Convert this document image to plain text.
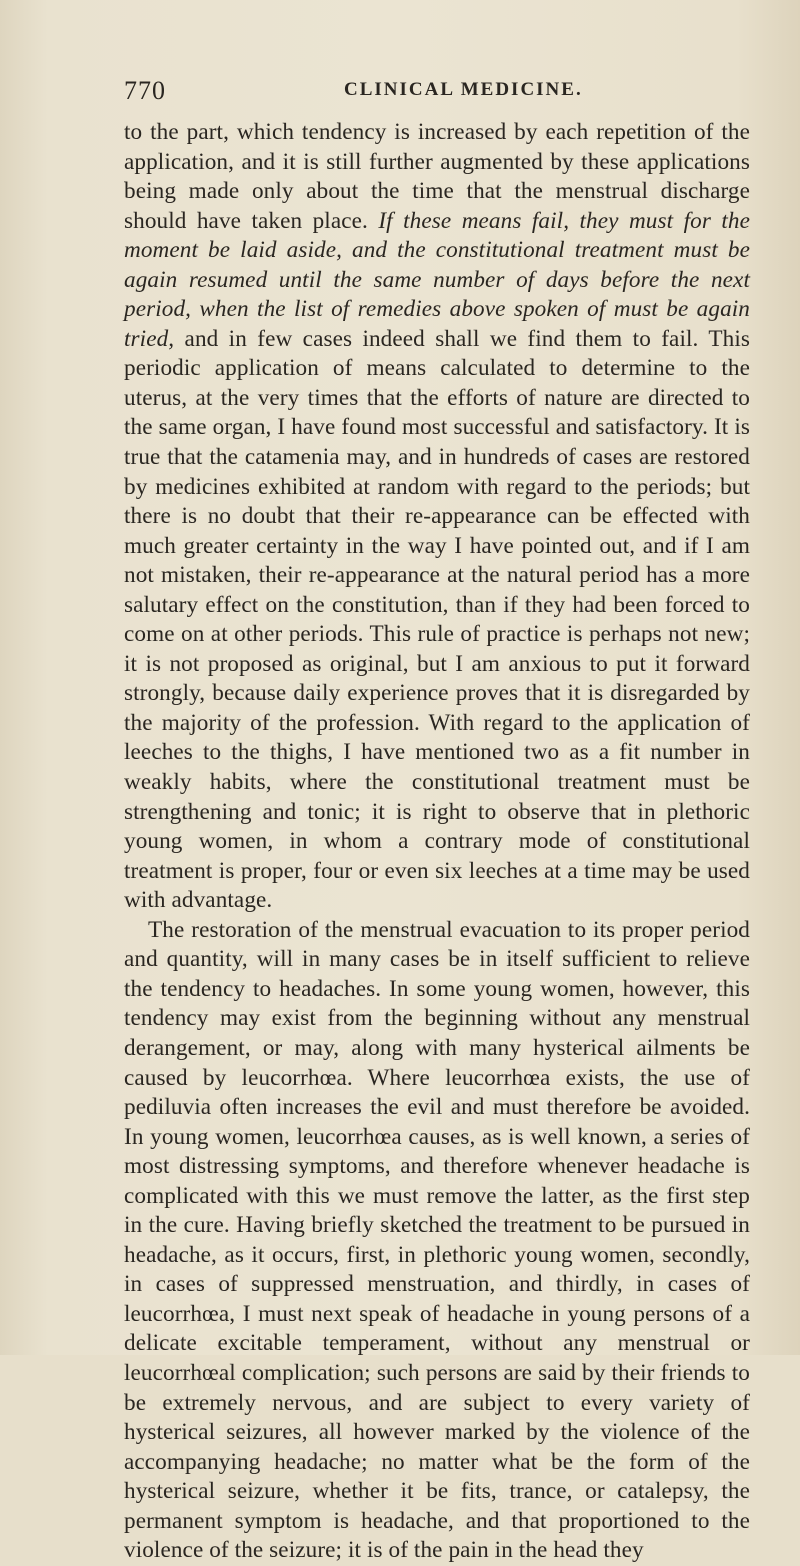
770	CLINICAL MEDICINE.

to the part, which tendency is increased by each repetition of the application, and it is still further augmented by these applications being made only about the time that the menstrual discharge should have taken place. If these means fail, they must for the moment be laid aside, and the constitutional treatment must be again resumed until the same number of days before the next period, when the list of remedies above spoken of must be again tried, and in few cases indeed shall we find them to fail. This periodic application of means calculated to determine to the uterus, at the very times that the efforts of nature are directed to the same organ, I have found most successful and satisfactory. It is true that the catamenia may, and in hundreds of cases are restored by medicines exhibited at random with regard to the periods; but there is no doubt that their re-appearance can be effected with much greater certainty in the way I have pointed out, and if I am not mistaken, their re-appearance at the natural period has a more salutary effect on the constitution, than if they had been forced to come on at other periods. This rule of practice is perhaps not new; it is not proposed as original, but I am anxious to put it forward strongly, because daily experience proves that it is disregarded by the majority of the profession. With regard to the application of leeches to the thighs, I have mentioned two as a fit number in weakly habits, where the constitutional treatment must be strengthening and tonic; it is right to observe that in plethoric young women, in whom a contrary mode of constitutional treatment is proper, four or even six leeches at a time may be used with advantage.

The restoration of the menstrual evacuation to its proper period and quantity, will in many cases be in itself sufficient to relieve the tendency to headaches. In some young women, however, this tendency may exist from the beginning without any menstrual derangement, or may, along with many hysterical ailments be caused by leucorrhœa. Where leucorrhœa exists, the use of pediluvia often increases the evil and must therefore be avoided. In young women, leucorrhœa causes, as is well known, a series of most distressing symptoms, and therefore whenever headache is complicated with this we must remove the latter, as the first step in the cure. Having briefly sketched the treatment to be pursued in headache, as it occurs, first, in plethoric young women, secondly, in cases of suppressed menstruation, and thirdly, in cases of leucorrhœa, I must next speak of headache in young persons of a delicate excitable temperament, without any menstrual or leucorrhœal complication; such persons are said by their friends to be extremely nervous, and are subject to every variety of hysterical seizures, all however marked by the violence of the accompanying headache; no matter what be the form of the hysterical seizure, whether it be fits, trance, or catalepsy, the permanent symptom is headache, and that proportioned to the violence of the seizure; it is of the pain in the head they
